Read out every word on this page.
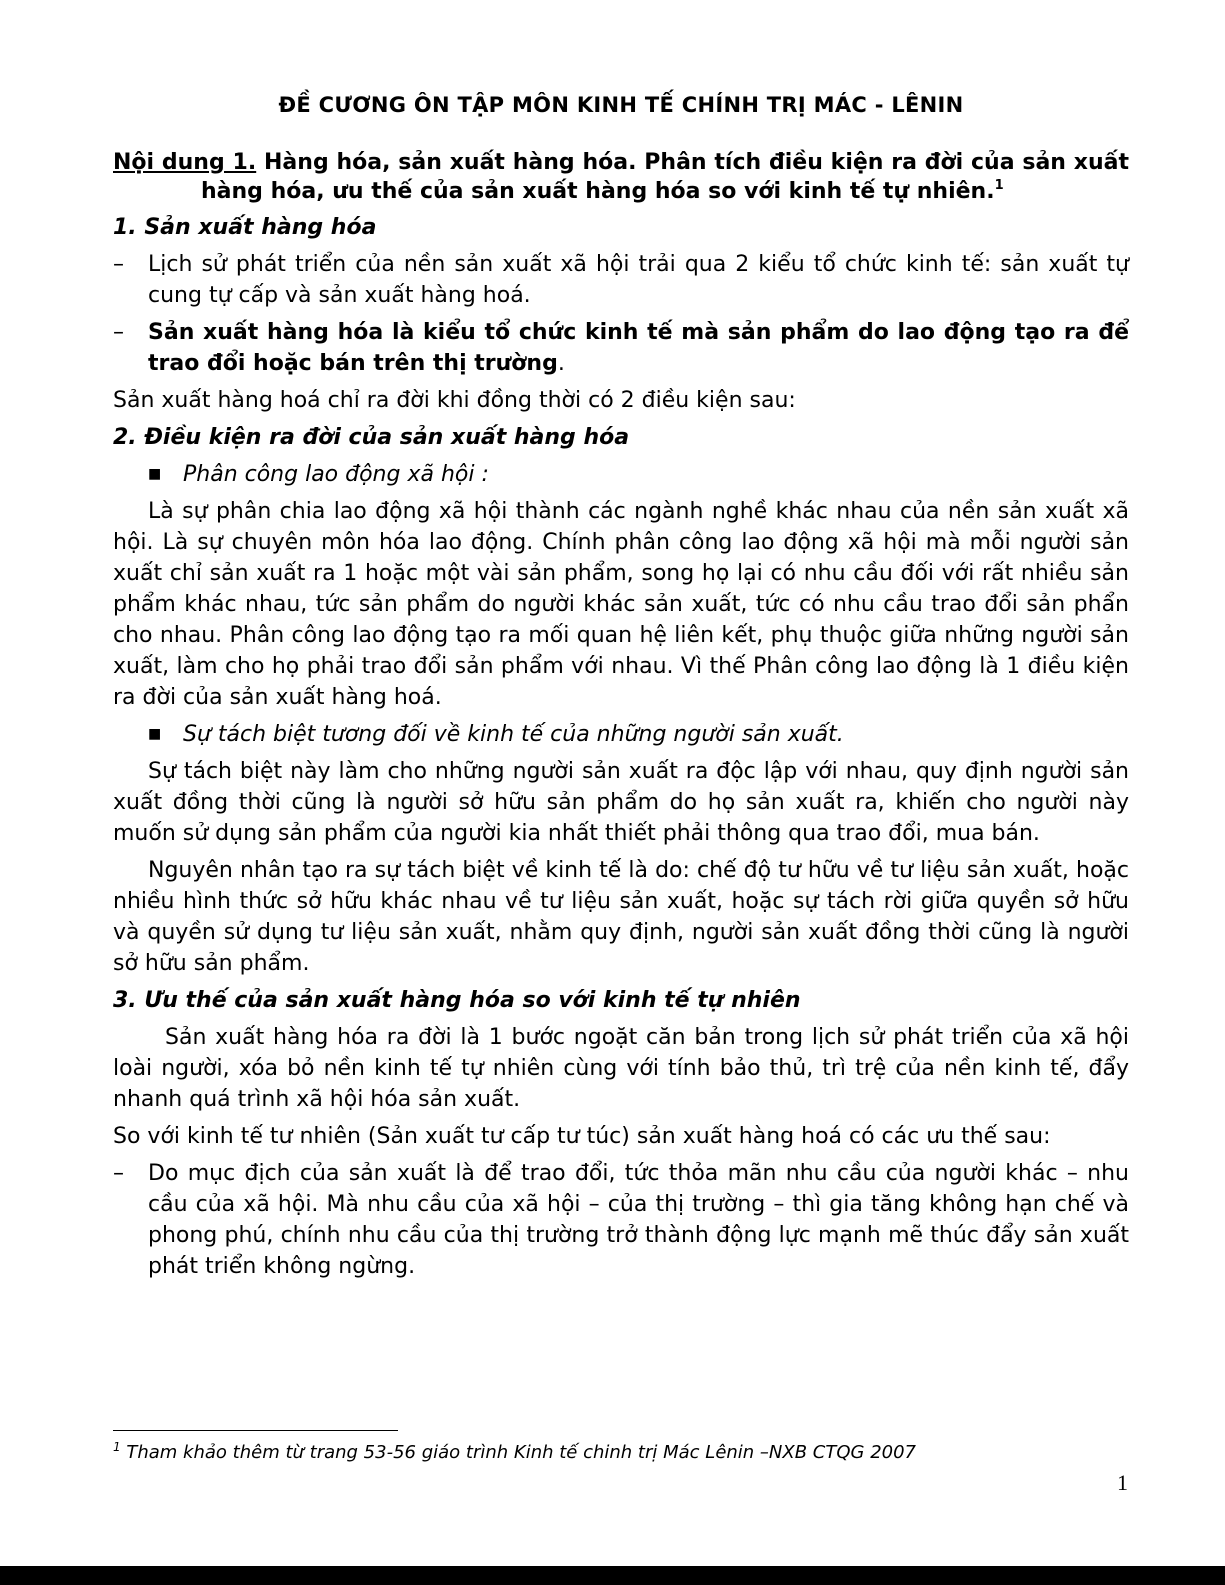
ĐỀ CƯƠNG ÔN TẬP MÔN KINH TẾ CHÍNH TRỊ MÁC - LÊNIN
Nội dung 1. Hàng hóa, sản xuất hàng hóa. Phân tích điều kiện ra đời của sản xuất hàng hóa, ưu thế của sản xuất hàng hóa so với kinh tế tự nhiên.$^1$
1. Sản xuất hàng hóa
– Lịch sử phát triển của nền sản xuất xã hội trải qua 2 kiểu tổ chức kinh tế: sản xuất tự cung tự cấp và sản xuất hàng hoá.
– Sản xuất hàng hóa là kiểu tổ chức kinh tế mà sản phẩm do lao động tạo ra để trao đổi hoặc bán trên thị trường.

Sản xuất hàng hoá chỉ ra đời khi đồng thời có 2 điều kiện sau:

2. Điều kiện ra đời của sản xuất hàng hóa
■ Phân công lao động xã hội :

Là sự phân chia lao động xã hội thành các ngành nghề khác nhau của nền sản xuất xã hội. Là sự chuyên môn hóa lao động. Chính phân công lao động xã hội mà mỗi người sản xuất chỉ sản xuất ra 1 hoặc một vài sản phẩm, song họ lại có nhu cầu đối với rất nhiều sản phẩm khác nhau, tức sản phẩm do người khác sản xuất, tức có nhu cầu trao đổi sản phẩn cho nhau. Phân công lao động tạo ra mối quan hệ liên kết, phụ thuộc giữa những người sản xuất, làm cho họ phải trao đổi sản phẩm với nhau. Vì thế Phân công lao động là 1 điều kiện ra đời của sản xuất hàng hoá.

■ Sự tách biệt tương đối về kinh tế của những người sản xuất.

Sự tách biệt này làm cho những người sản xuất ra độc lập với nhau, quy định người sản xuất đồng thời cũng là người sở hữu sản phẩm do họ sản xuất ra, khiến cho người này muốn sử dụng sản phẩm của người kia nhất thiết phải thông qua trao đổi, mua bán.

Nguyên nhân tạo ra sự tách biệt về kinh tế là do: chế độ tư hữu về tư liệu sản xuất, hoặc nhiều hình thức sở hữu khác nhau về tư liệu sản xuất, hoặc sự tách rời giữa quyền sở hữu và quyền sử dụng tư liệu sản xuất, nhằm quy định, người sản xuất đồng thời cũng là người sở hữu sản phẩm.

3. Ưu thế của sản xuất hàng hóa so với kinh tế tự nhiên

Sản xuất hàng hóa ra đời là 1 bước ngoặt căn bản trong lịch sử phát triển của xã hội loài người, xóa bỏ nền kinh tế tự nhiên cùng với tính bảo thủ, trì trệ của nền kinh tế, đẩy nhanh quá trình xã hội hóa sản xuất.

So với kinh tế tư nhiên (Sản xuất tư cấp tư túc) sản xuất hàng hoá có các ưu thế sau:

– Do mục địch của sản xuất là để trao đổi, tức thỏa mãn nhu cầu của người khác – nhu cầu của xã hội. Mà nhu cầu của xã hội – của thị trường – thì gia tăng không hạn chế và phong phú, chính nhu cầu của thị trường trở thành động lực mạnh mẽ thúc đẩy sản xuất phát triển không ngừng.
$^1$ Tham khảo thêm từ trang 53-56 giáo trình Kinh tế chinh trị Mác Lênin –NXB CTQG 2007
1
